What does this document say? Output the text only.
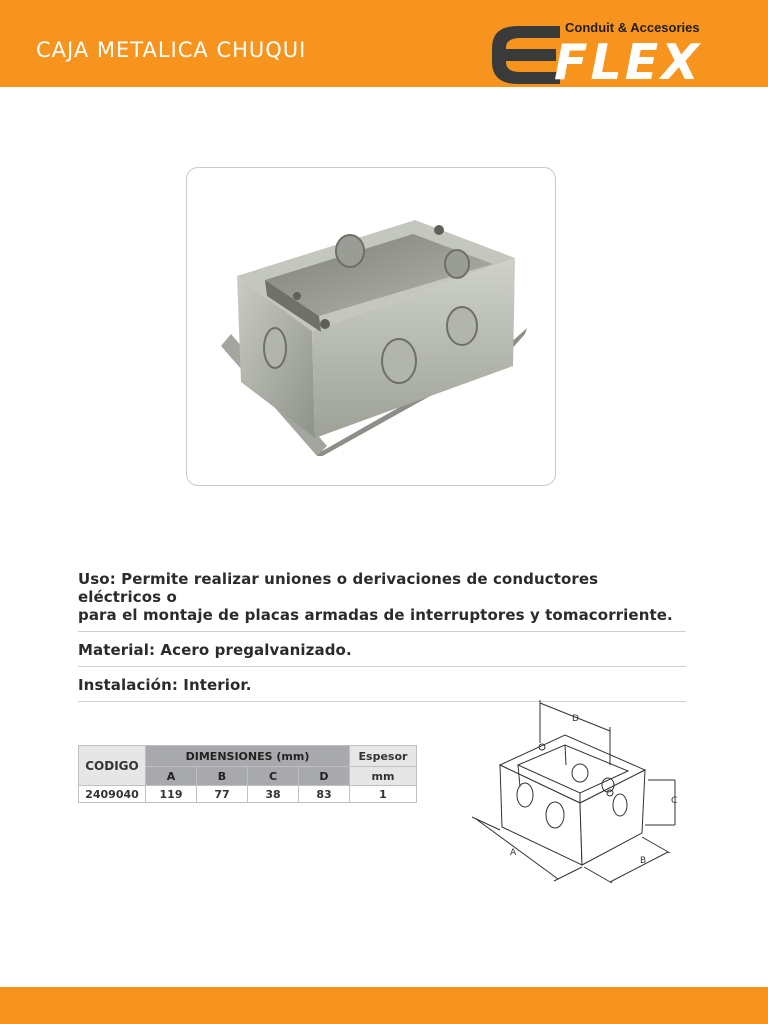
CAJA METALICA CHUQUI
Conduit & Accesories
FLEX
Uso: Permite realizar uniones o derivaciones de conductores eléctricos o
para el montaje de placas armadas de interruptores y tomacorriente.
Material: Acero pregalvanizado.
Instalación: Interior.
CODIGO	DIMENSIONES (mm)				Espesor
	A	B	C	D	mm
2409040	119	77	38	83	1
D
C
A
B
